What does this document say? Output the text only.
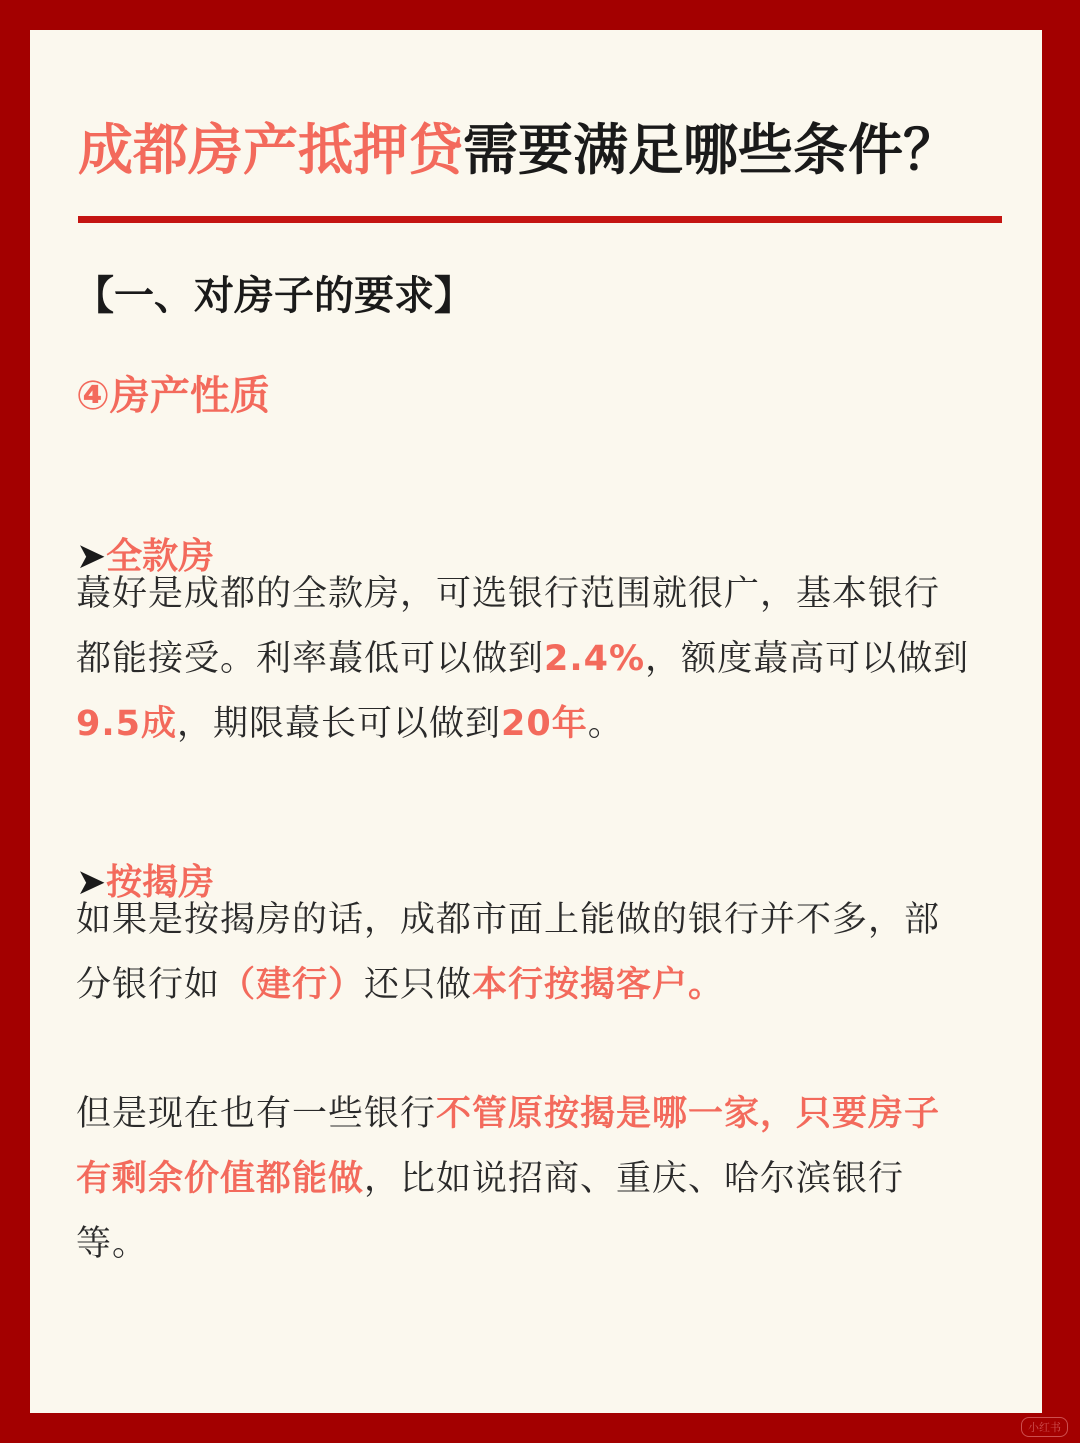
成都房产抵押贷需要满足哪些条件？
【一、对房子的要求】
④房产性质
➤全款房
蕞好是成都的全款房，可选银行范围就很广，基本银行
都能接受。利率蕞低可以做到2.4%，额度蕞高可以做到
9.5成，期限蕞长可以做到20年。
➤按揭房
如果是按揭房的话，成都市面上能做的银行并不多，部
分银行如（建行）还只做本行按揭客户。
但是现在也有一些银行不管原按揭是哪一家，只要房子
有剩余价值都能做，比如说招商、重庆、哈尔滨银行
等。
小红书
